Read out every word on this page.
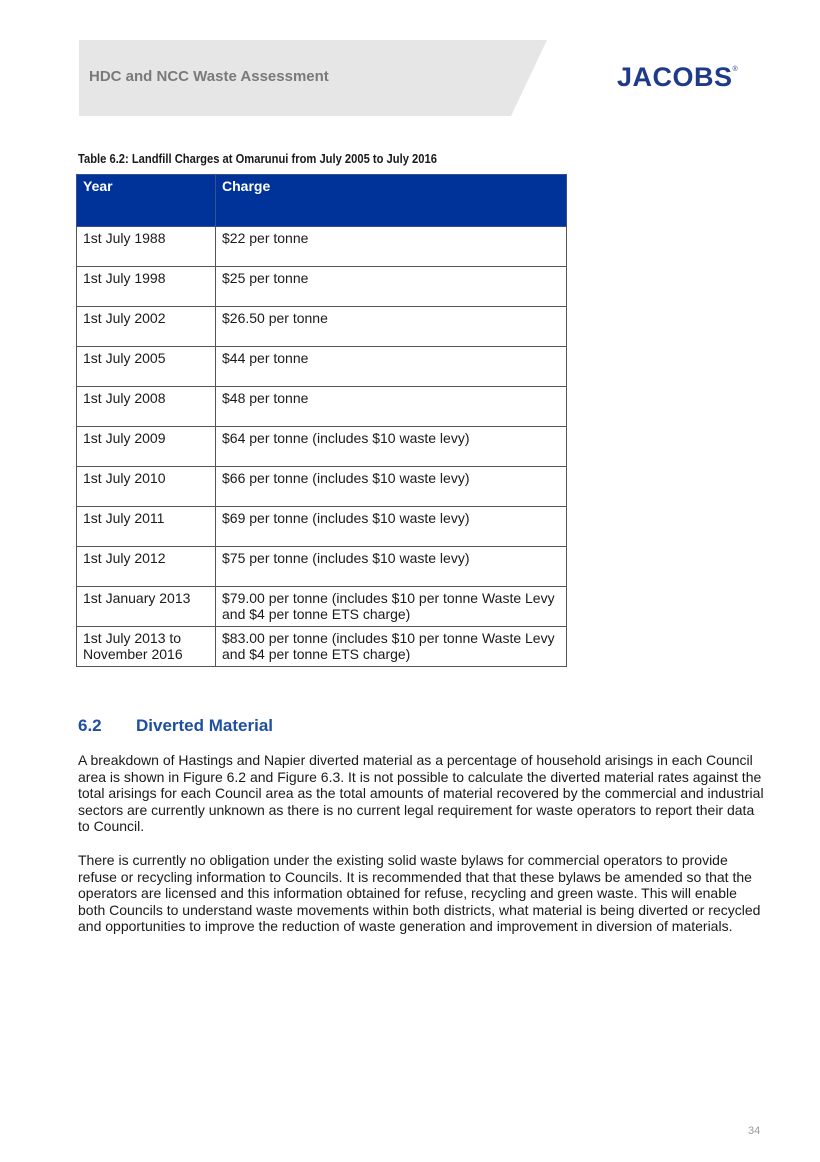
HDC and NCC Waste Assessment	JACOBS®
Table 6.2: Landfill Charges at Omarunui from July 2005 to July 2016
Year	Charge
1st July 1988	$22 per tonne
1st July 1998	$25 per tonne
1st July 2002	$26.50 per tonne
1st July 2005	$44 per tonne
1st July 2008	$48 per tonne
1st July 2009	$64 per tonne (includes $10 waste levy)
1st July 2010	$66 per tonne (includes $10 waste levy)
1st July 2011	$69 per tonne (includes $10 waste levy)
1st July 2012	$75 per tonne (includes $10 waste levy)
1st January 2013	$79.00 per tonne (includes $10 per tonne Waste Levy and $4 per tonne ETS charge)
1st July 2013 to November 2016	$83.00 per tonne (includes $10 per tonne Waste Levy and $4 per tonne ETS charge)
6.2 Diverted Material

A breakdown of Hastings and Napier diverted material as a percentage of household arisings in each Council area is shown in Figure 6.2 and Figure 6.3. It is not possible to calculate the diverted material rates against the total arisings for each Council area as the total amounts of material recovered by the commercial and industrial sectors are currently unknown as there is no current legal requirement for waste operators to report their data to Council.

There is currently no obligation under the existing solid waste bylaws for commercial operators to provide refuse or recycling information to Councils. It is recommended that that these bylaws be amended so that the operators are licensed and this information obtained for refuse, recycling and green waste. This will enable both Councils to understand waste movements within both districts, what material is being diverted or recycled and opportunities to improve the reduction of waste generation and improvement in diversion of materials.

34
